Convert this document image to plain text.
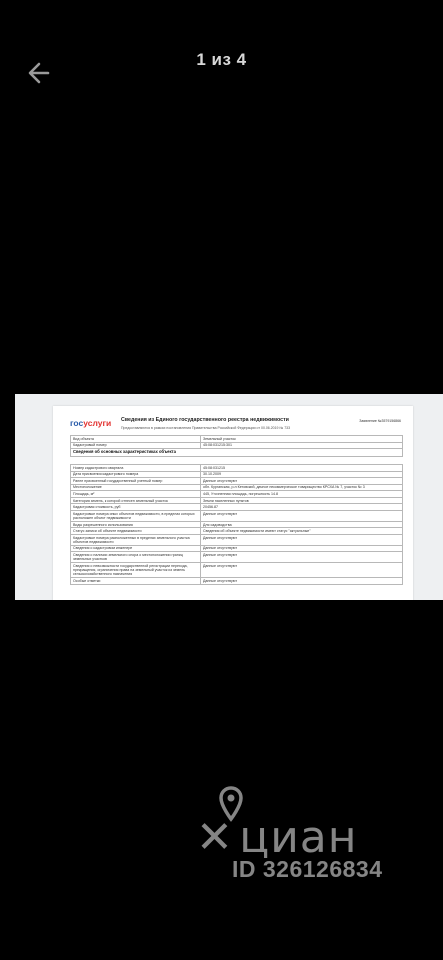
1 из 4
госуслуги Сведения из Единого государственного реестра недвижимости
Предоставляются в рамках постановления Правительства Российской Федерации от 00.06.2019 № 733
Заявление №3579156866
Вид объекта	Земельный участок
Кадастровый номер	45:08:031215:301
Сведения об основных характеристиках объекта	
Номер кадастрового квартала	45:08:031215
Дата присвоения кадастрового номера	30.10.2009
Ранее присвоенный государственный учетный номер	Данные отсутствуют
Местоположение	обл. Курганская, р-н Кетовский, дачное некоммерческое товарищество КРСХА № 7, участок № 3
Площадь, м²	445, Уточненная площадь, погрешность 14.8
Категория земель, к которой отнесен земельный участок	Земли населенных пунктов
Кадастровая стоимость, руб	20456.87
Кадастровые номера иных объектов недвижимости, в пределах которых расположен объект недвижимости	Данные отсутствуют
Виды разрешенного использования	Для садоводства
Статус записи об объекте недвижимости	Сведения об объекте недвижимости имеют статус "актуальные"
Кадастровые номера расположенных в пределах земельного участка объектов недвижимости	Данные отсутствуют
Сведения о кадастровом инженере	Данные отсутствуют
Сведения о наличии земельного спора о местоположении границ земельных участков	Данные отсутствуют
Сведения о невозможности государственной регистрации перехода, прекращения, ограничения права на земельный участок из земель сельскохозяйственного назначения	Данные отсутствуют
Особые отметки	Данные отсутствуют
✕ циан
ID 326126834
